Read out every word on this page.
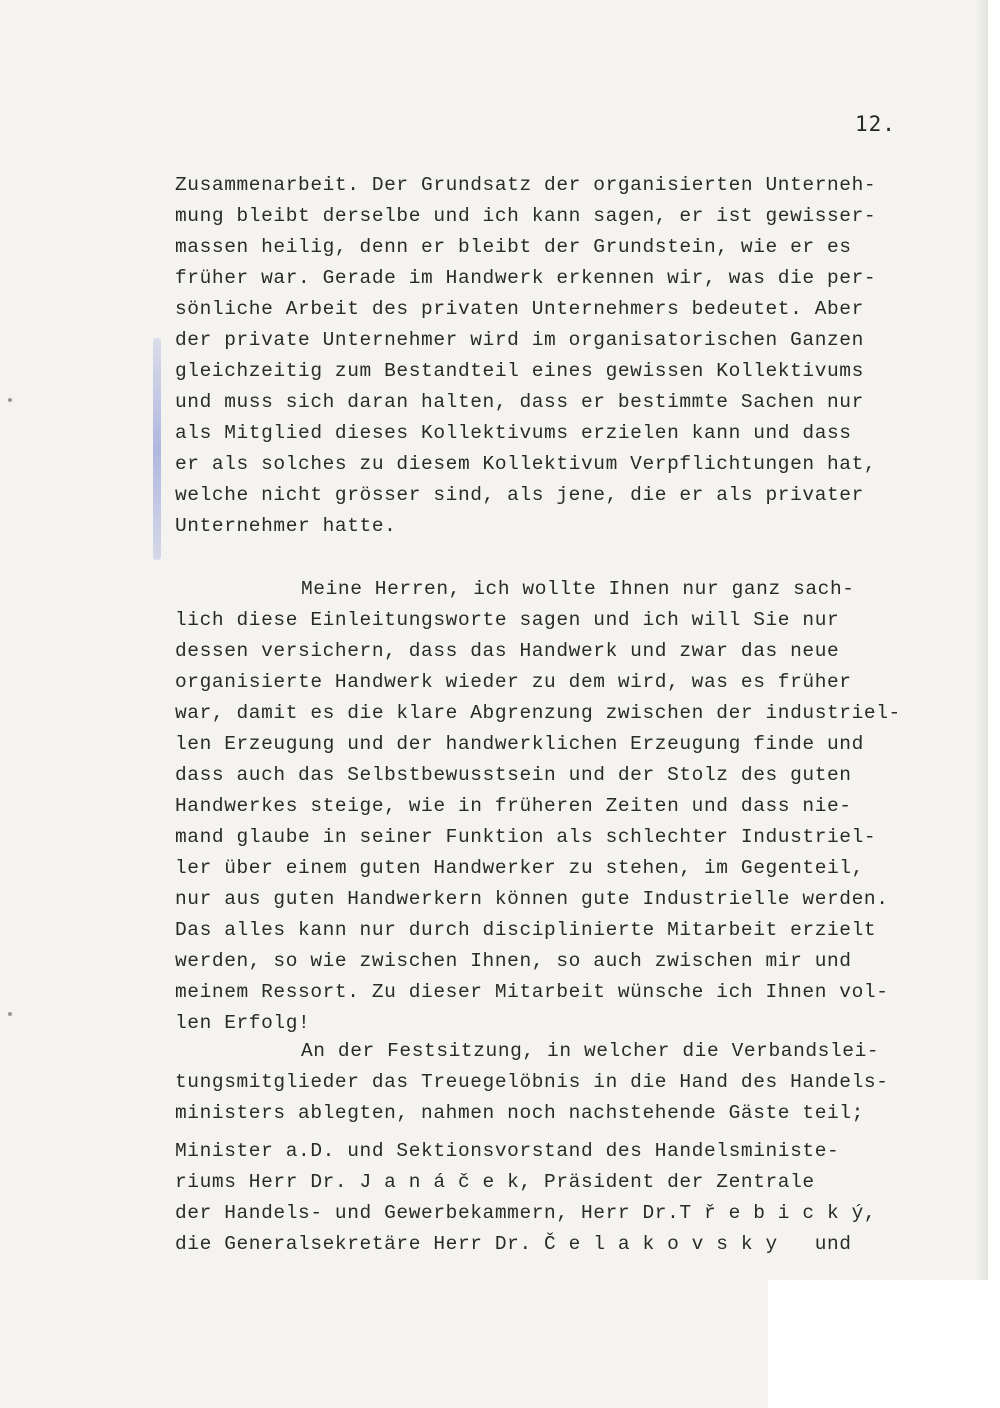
12.
Zusammenarbeit. Der Grundsatz der organisierten Unterneh-
mung bleibt derselbe und ich kann sagen, er ist gewisser-
massen heilig, denn er bleibt der Grundstein, wie er es
früher war. Gerade im Handwerk erkennen wir, was die per-
sönliche Arbeit des privaten Unternehmers bedeutet. Aber
der private Unternehmer wird im organisatorischen Ganzen
gleichzeitig zum Bestandteil eines gewissen Kollektivums
und muss sich daran halten, dass er bestimmte Sachen nur
als Mitglied dieses Kollektivums erzielen kann und dass
er als solches zu diesem Kollektivum Verpflichtungen hat,
welche nicht grösser sind, als jene, die er als privater
Unternehmer hatte.
Meine Herren, ich wollte Ihnen nur ganz sach-
lich diese Einleitungsworte sagen und ich will Sie nur
dessen versichern, dass das Handwerk und zwar das neue
organisierte Handwerk wieder zu dem wird, was es früher
war, damit es die klare Abgrenzung zwischen der industriel-
len Erzeugung und der handwerklichen Erzeugung finde und
dass auch das Selbstbewusstsein und der Stolz des guten
Handwerkes steige, wie in früheren Zeiten und dass nie-
mand glaube in seiner Funktion als schlechter Industriel-
ler über einem guten Handwerker zu stehen, im Gegenteil,
nur aus guten Handwerkern können gute Industrielle werden.
Das alles kann nur durch disciplinierte Mitarbeit erzielt
werden, so wie zwischen Ihnen, so auch zwischen mir und
meinem Ressort. Zu dieser Mitarbeit wünsche ich Ihnen vol-
len Erfolg!
An der Festsitzung, in welcher die Verbandslei-
tungsmitglieder das Treuegelöbnis in die Hand des Handels-
ministers ablegten, nahmen noch nachstehende Gäste teil;
Minister a.D. und Sektionsvorstand des Handelsministe-
riums Herr Dr. J a n á č e k, Präsident der Zentrale
der Handels- und Gewerbekammern, Herr Dr.T ř e b i c k ý,
die Generalsekretäre Herr Dr. Č e l a k o v s k y   und
